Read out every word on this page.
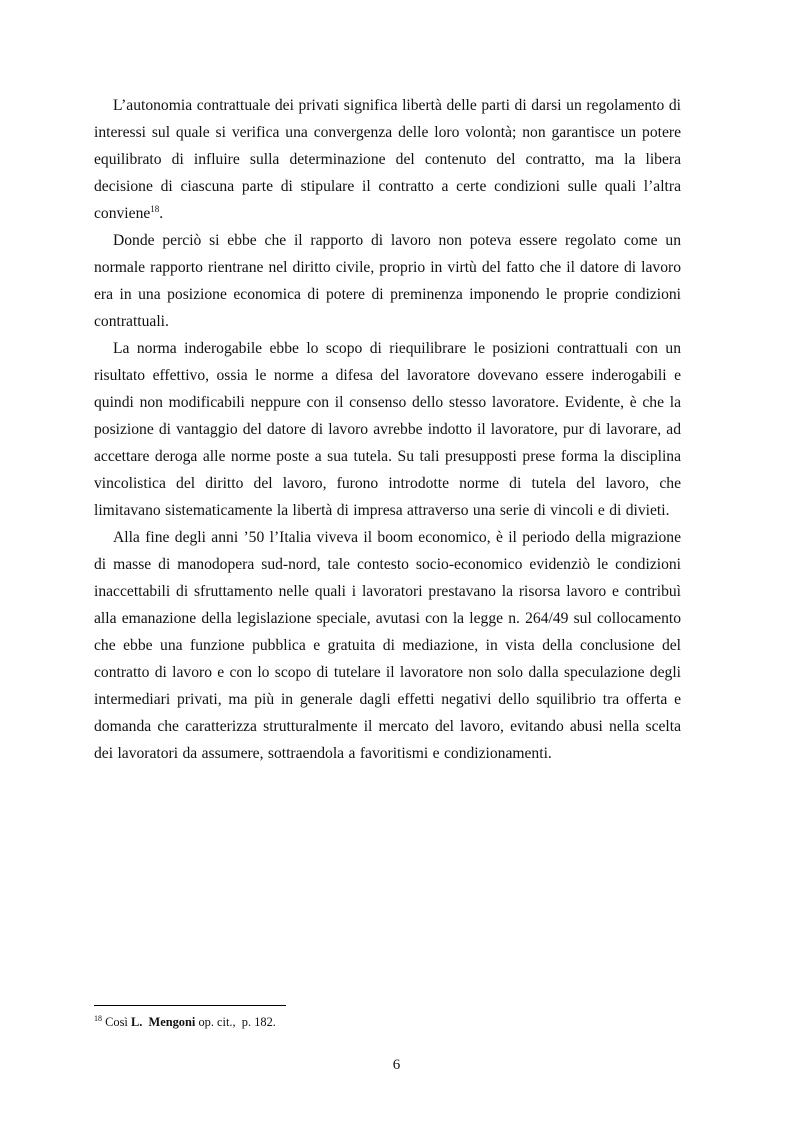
L’autonomia contrattuale dei privati significa libertà delle parti di darsi un regolamento di interessi sul quale si verifica una convergenza delle loro volontà; non garantisce un potere equilibrato di influire sulla determinazione del contenuto del contratto, ma la libera decisione di ciascuna parte di stipulare il contratto a certe condizioni sulle quali l’altra conviene$^{18}$.

Donde perciò si ebbe che il rapporto di lavoro non poteva essere regolato come un normale rapporto rientrane nel diritto civile, proprio in virtù del fatto che il datore di lavoro era in una posizione economica di potere di preminenza imponendo le proprie condizioni contrattuali.

La norma inderogabile ebbe lo scopo di riequilibrare le posizioni contrattuali con un risultato effettivo, ossia le norme a difesa del lavoratore dovevano essere inderogabili e quindi non modificabili neppure con il consenso dello stesso lavoratore. Evidente, è che la posizione di vantaggio del datore di lavoro avrebbe indotto il lavoratore, pur di lavorare, ad accettare deroga alle norme poste a sua tutela. Su tali presupposti prese forma la disciplina vincolistica del diritto del lavoro, furono introdotte norme di tutela del lavoro, che limitavano sistematicamente la libertà di impresa attraverso una serie di vincoli e di divieti.

Alla fine degli anni ’50 l’Italia viveva il boom economico, è il periodo della migrazione di masse di manodopera sud-nord, tale contesto socio-economico evidenziò le condizioni inaccettabili di sfruttamento nelle quali i lavoratori prestavano la risorsa lavoro e contribuì alla emanazione della legislazione speciale, avutasi con la legge n. 264/49 sul collocamento che ebbe una funzione pubblica e gratuita di mediazione, in vista della conclusione del contratto di lavoro e con lo scopo di tutelare il lavoratore non solo dalla speculazione degli intermediari privati, ma più in generale dagli effetti negativi dello squilibrio tra offerta e domanda che caratterizza strutturalmente il mercato del lavoro, evitando abusi nella scelta dei lavoratori da assumere, sottraendola a favoritismi e condizionamenti.

$^{18}$ Così L.  Mengoni op. cit.,  p. 182.
6
